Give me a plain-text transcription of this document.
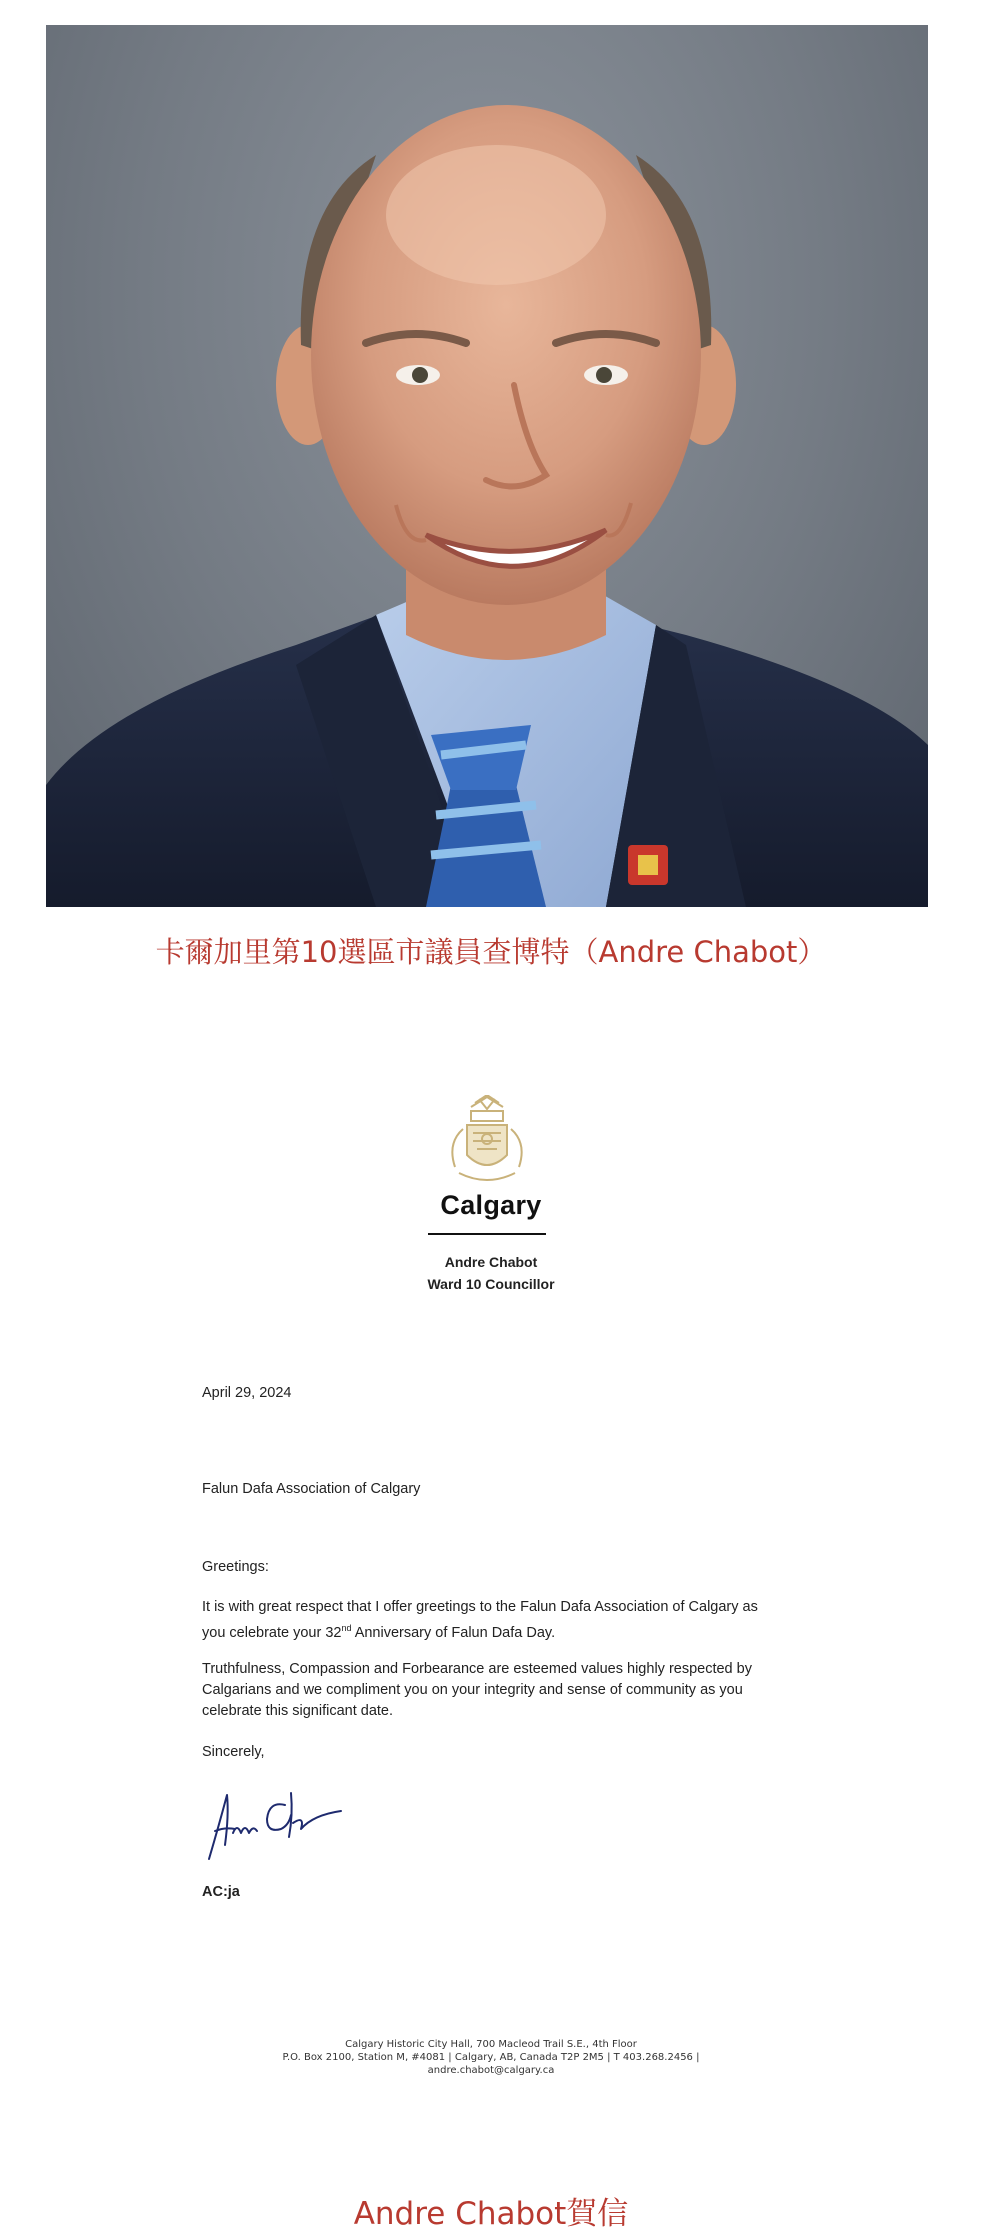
卡爾加里第10選區市議員查博特（Andre Chabot）
Calgary
Andre Chabot
Ward 10 Councillor
April 29, 2024
Falun Dafa Association of Calgary
Greetings:
It is with great respect that I offer greetings to the Falun Dafa Association of Calgary as you celebrate your 32nd Anniversary of Falun Dafa Day.
Truthfulness, Compassion and Forbearance are esteemed values highly respected by Calgarians and we compliment you on your integrity and sense of community as you celebrate this significant date.
Sincerely,
AC:ja
Calgary Historic City Hall, 700 Macleod Trail S.E., 4th Floor
P.O. Box 2100, Station M, #4081 | Calgary, AB, Canada T2P 2M5 | T 403.268.2456 |
andre.chabot@calgary.ca
Andre Chabot賀信
